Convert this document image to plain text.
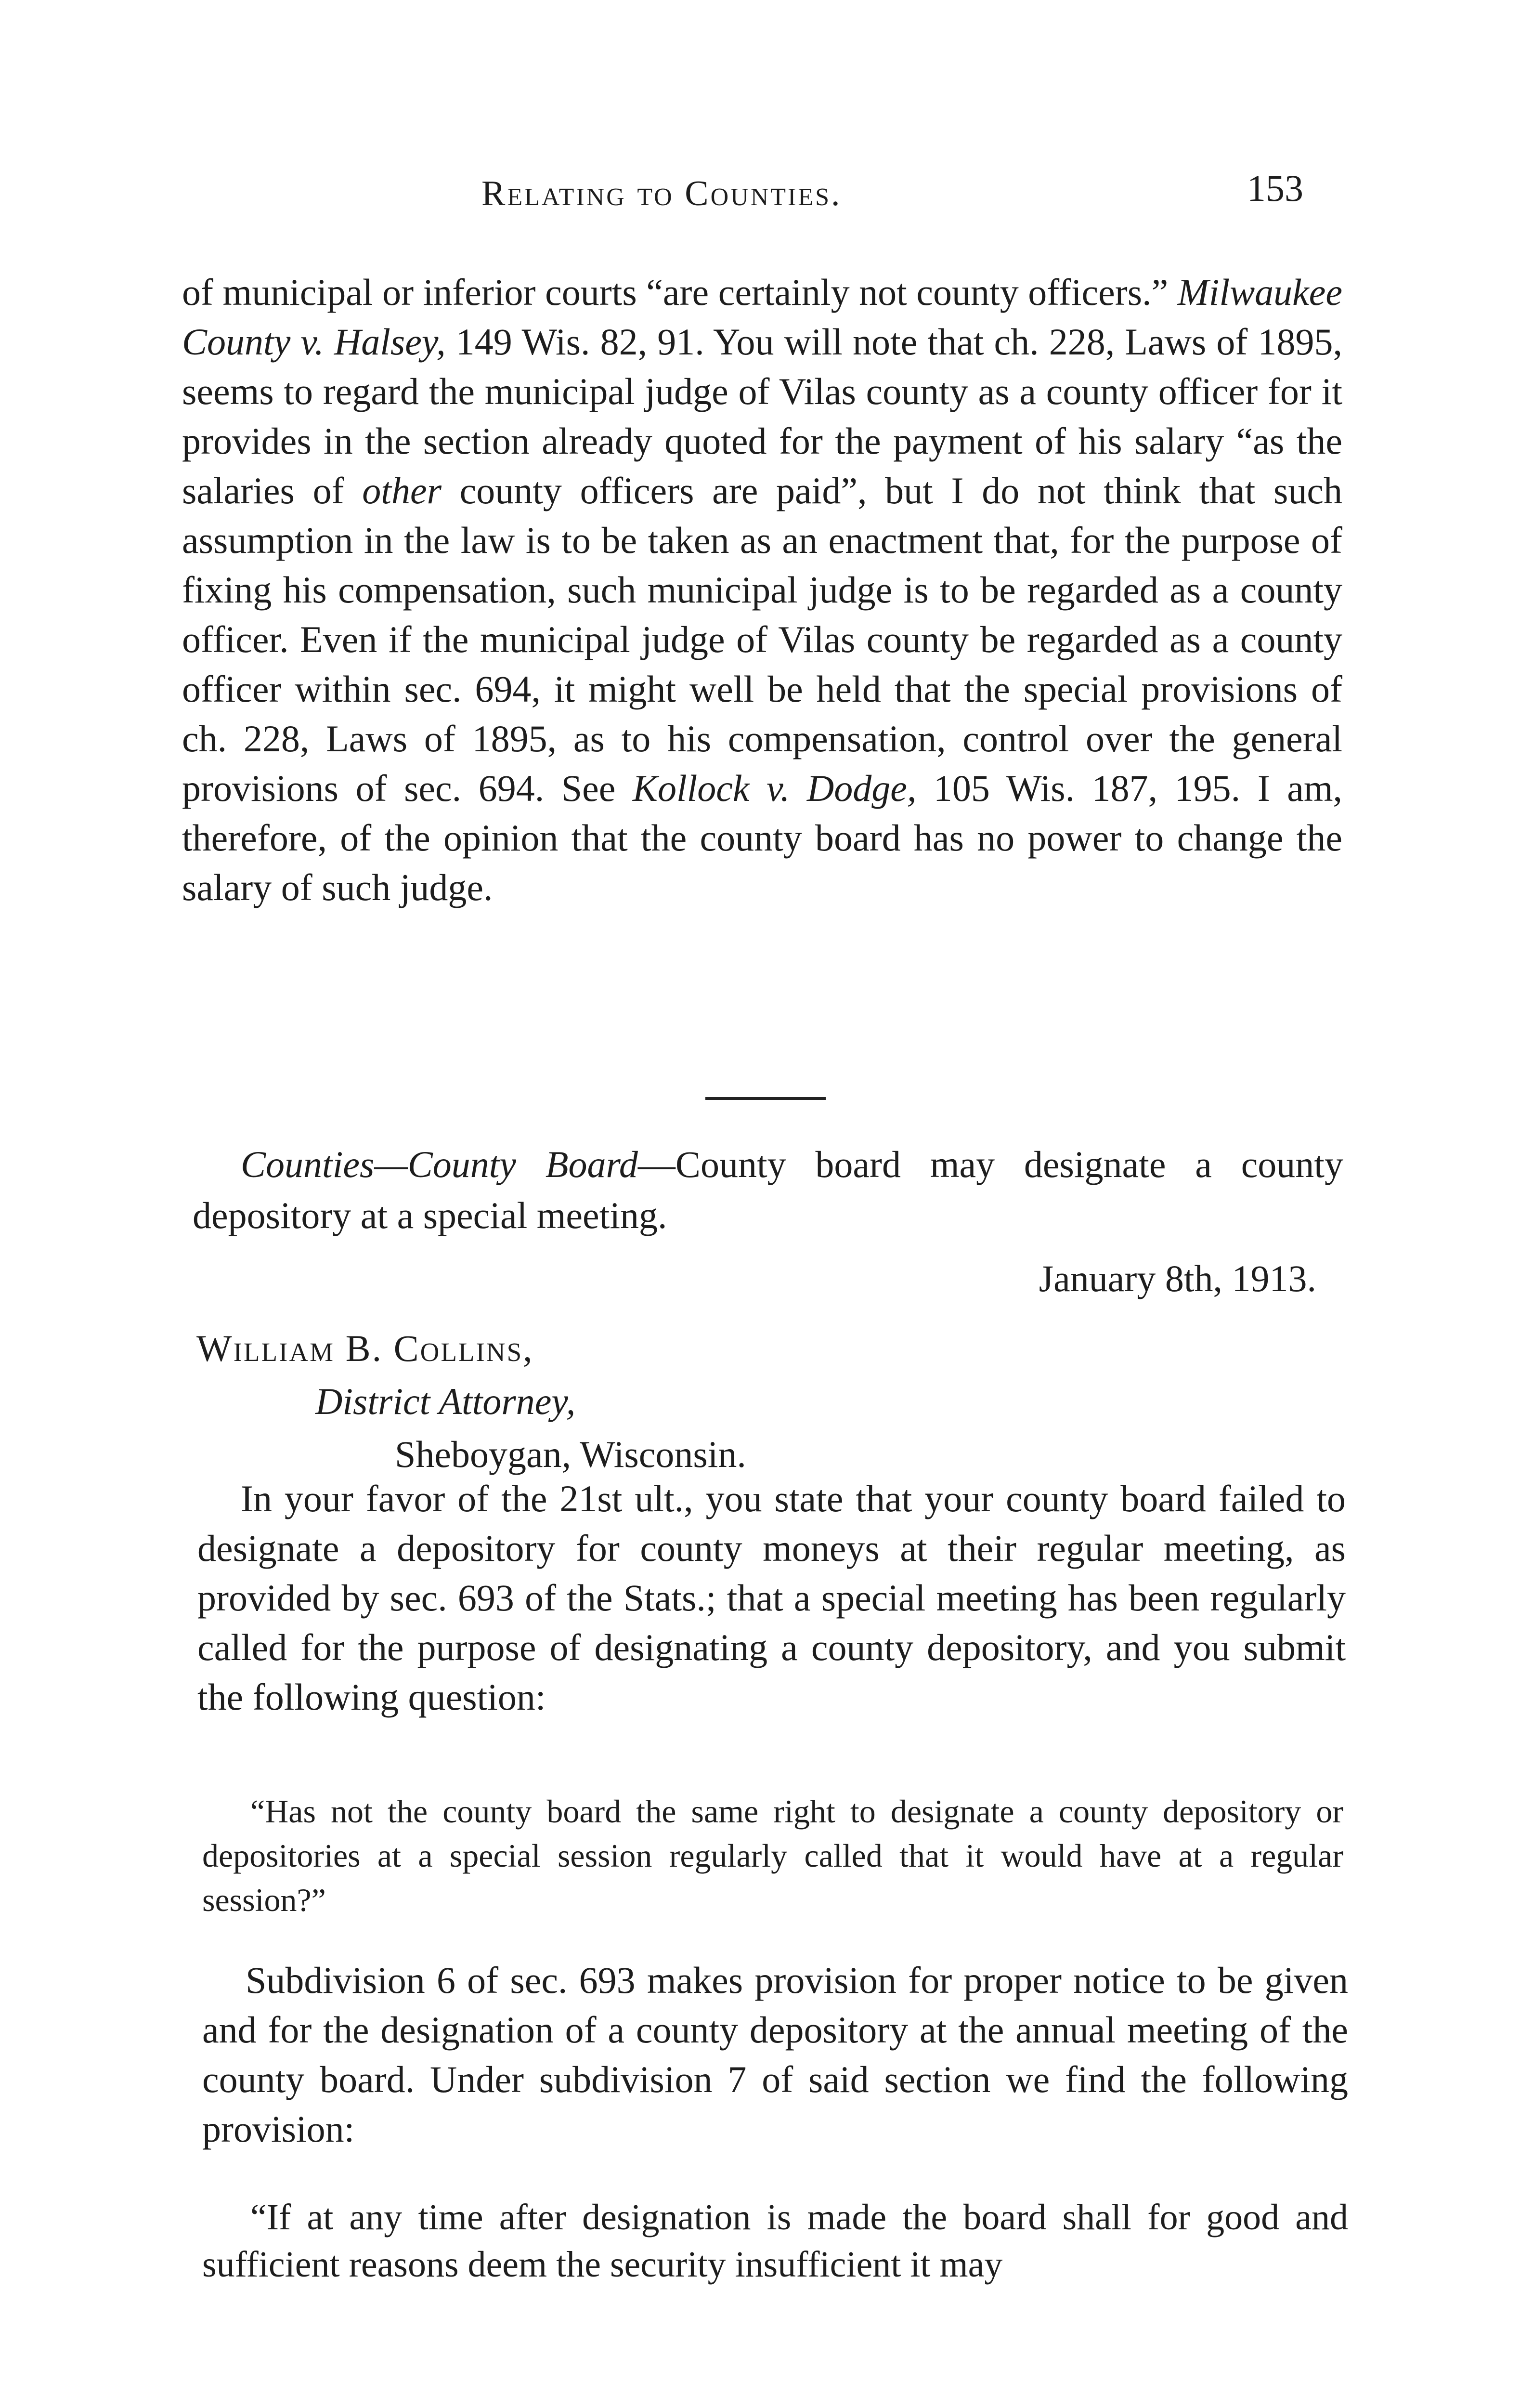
Relating to Counties.	153
of municipal or inferior courts “are certainly not county officers.” Milwaukee County v. Halsey, 149 Wis. 82, 91. You will note that ch. 228, Laws of 1895, seems to regard the municipal judge of Vilas county as a county officer for it provides in the section already quoted for the payment of his salary “as the salaries of other county officers are paid”, but I do not think that such assumption in the law is to be taken as an enactment that, for the purpose of fixing his compensation, such municipal judge is to be regarded as a county officer. Even if the municipal judge of Vilas county be regarded as a county officer within sec. 694, it might well be held that the special provisions of ch. 228, Laws of 1895, as to his compensation, control over the general provisions of sec. 694. See Kollock v. Dodge, 105 Wis. 187, 195. I am, therefore, of the opinion that the county board has no power to change the salary of such judge.
Counties—County Board—County board may designate a county depository at a special meeting.
January 8th, 1913.
William B. Collins,
District Attorney,
Sheboygan, Wisconsin.
In your favor of the 21st ult., you state that your county board failed to designate a depository for county moneys at their regular meeting, as provided by sec. 693 of the Stats.; that a special meeting has been regularly called for the purpose of designating a county depository, and you submit the following question:
“Has not the county board the same right to designate a county depository or depositories at a special session regularly called that it would have at a regular session?”
Subdivision 6 of sec. 693 makes provision for proper notice to be given and for the designation of a county depository at the annual meeting of the county board. Under subdivision 7 of said section we find the following provision:
“If at any time after designation is made the board shall for good and sufficient reasons deem the security insufficient it may
